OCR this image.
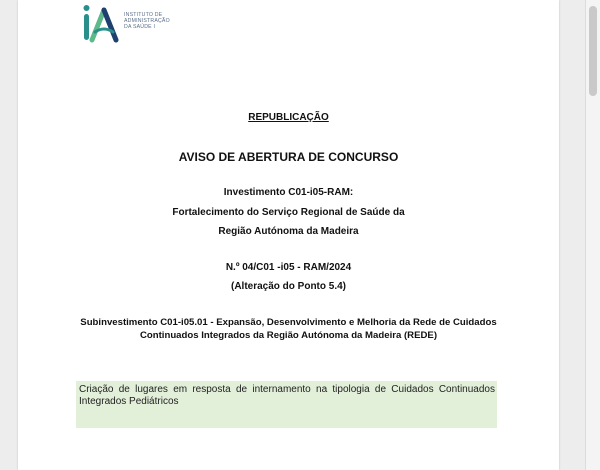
INSTITUTO DE
ADMINISTRAÇÃO
DA SAÚDE I
REPUBLICAÇÃO
AVISO DE ABERTURA DE CONCURSO
Investimento C01-i05-RAM:
Fortalecimento do Serviço Regional de Saúde da
Região Autónoma da Madeira
N.º 04/C01 -i05 - RAM/2024
(Alteração do Ponto 5.4)
Subinvestimento C01-i05.01 - Expansão, Desenvolvimento e Melhoria da Rede de Cuidados
Continuados Integrados da Região Autónoma da Madeira (REDE)
Criação de lugares em resposta de internamento na tipologia de Cuidados Continuados Integrados Pediátricos
